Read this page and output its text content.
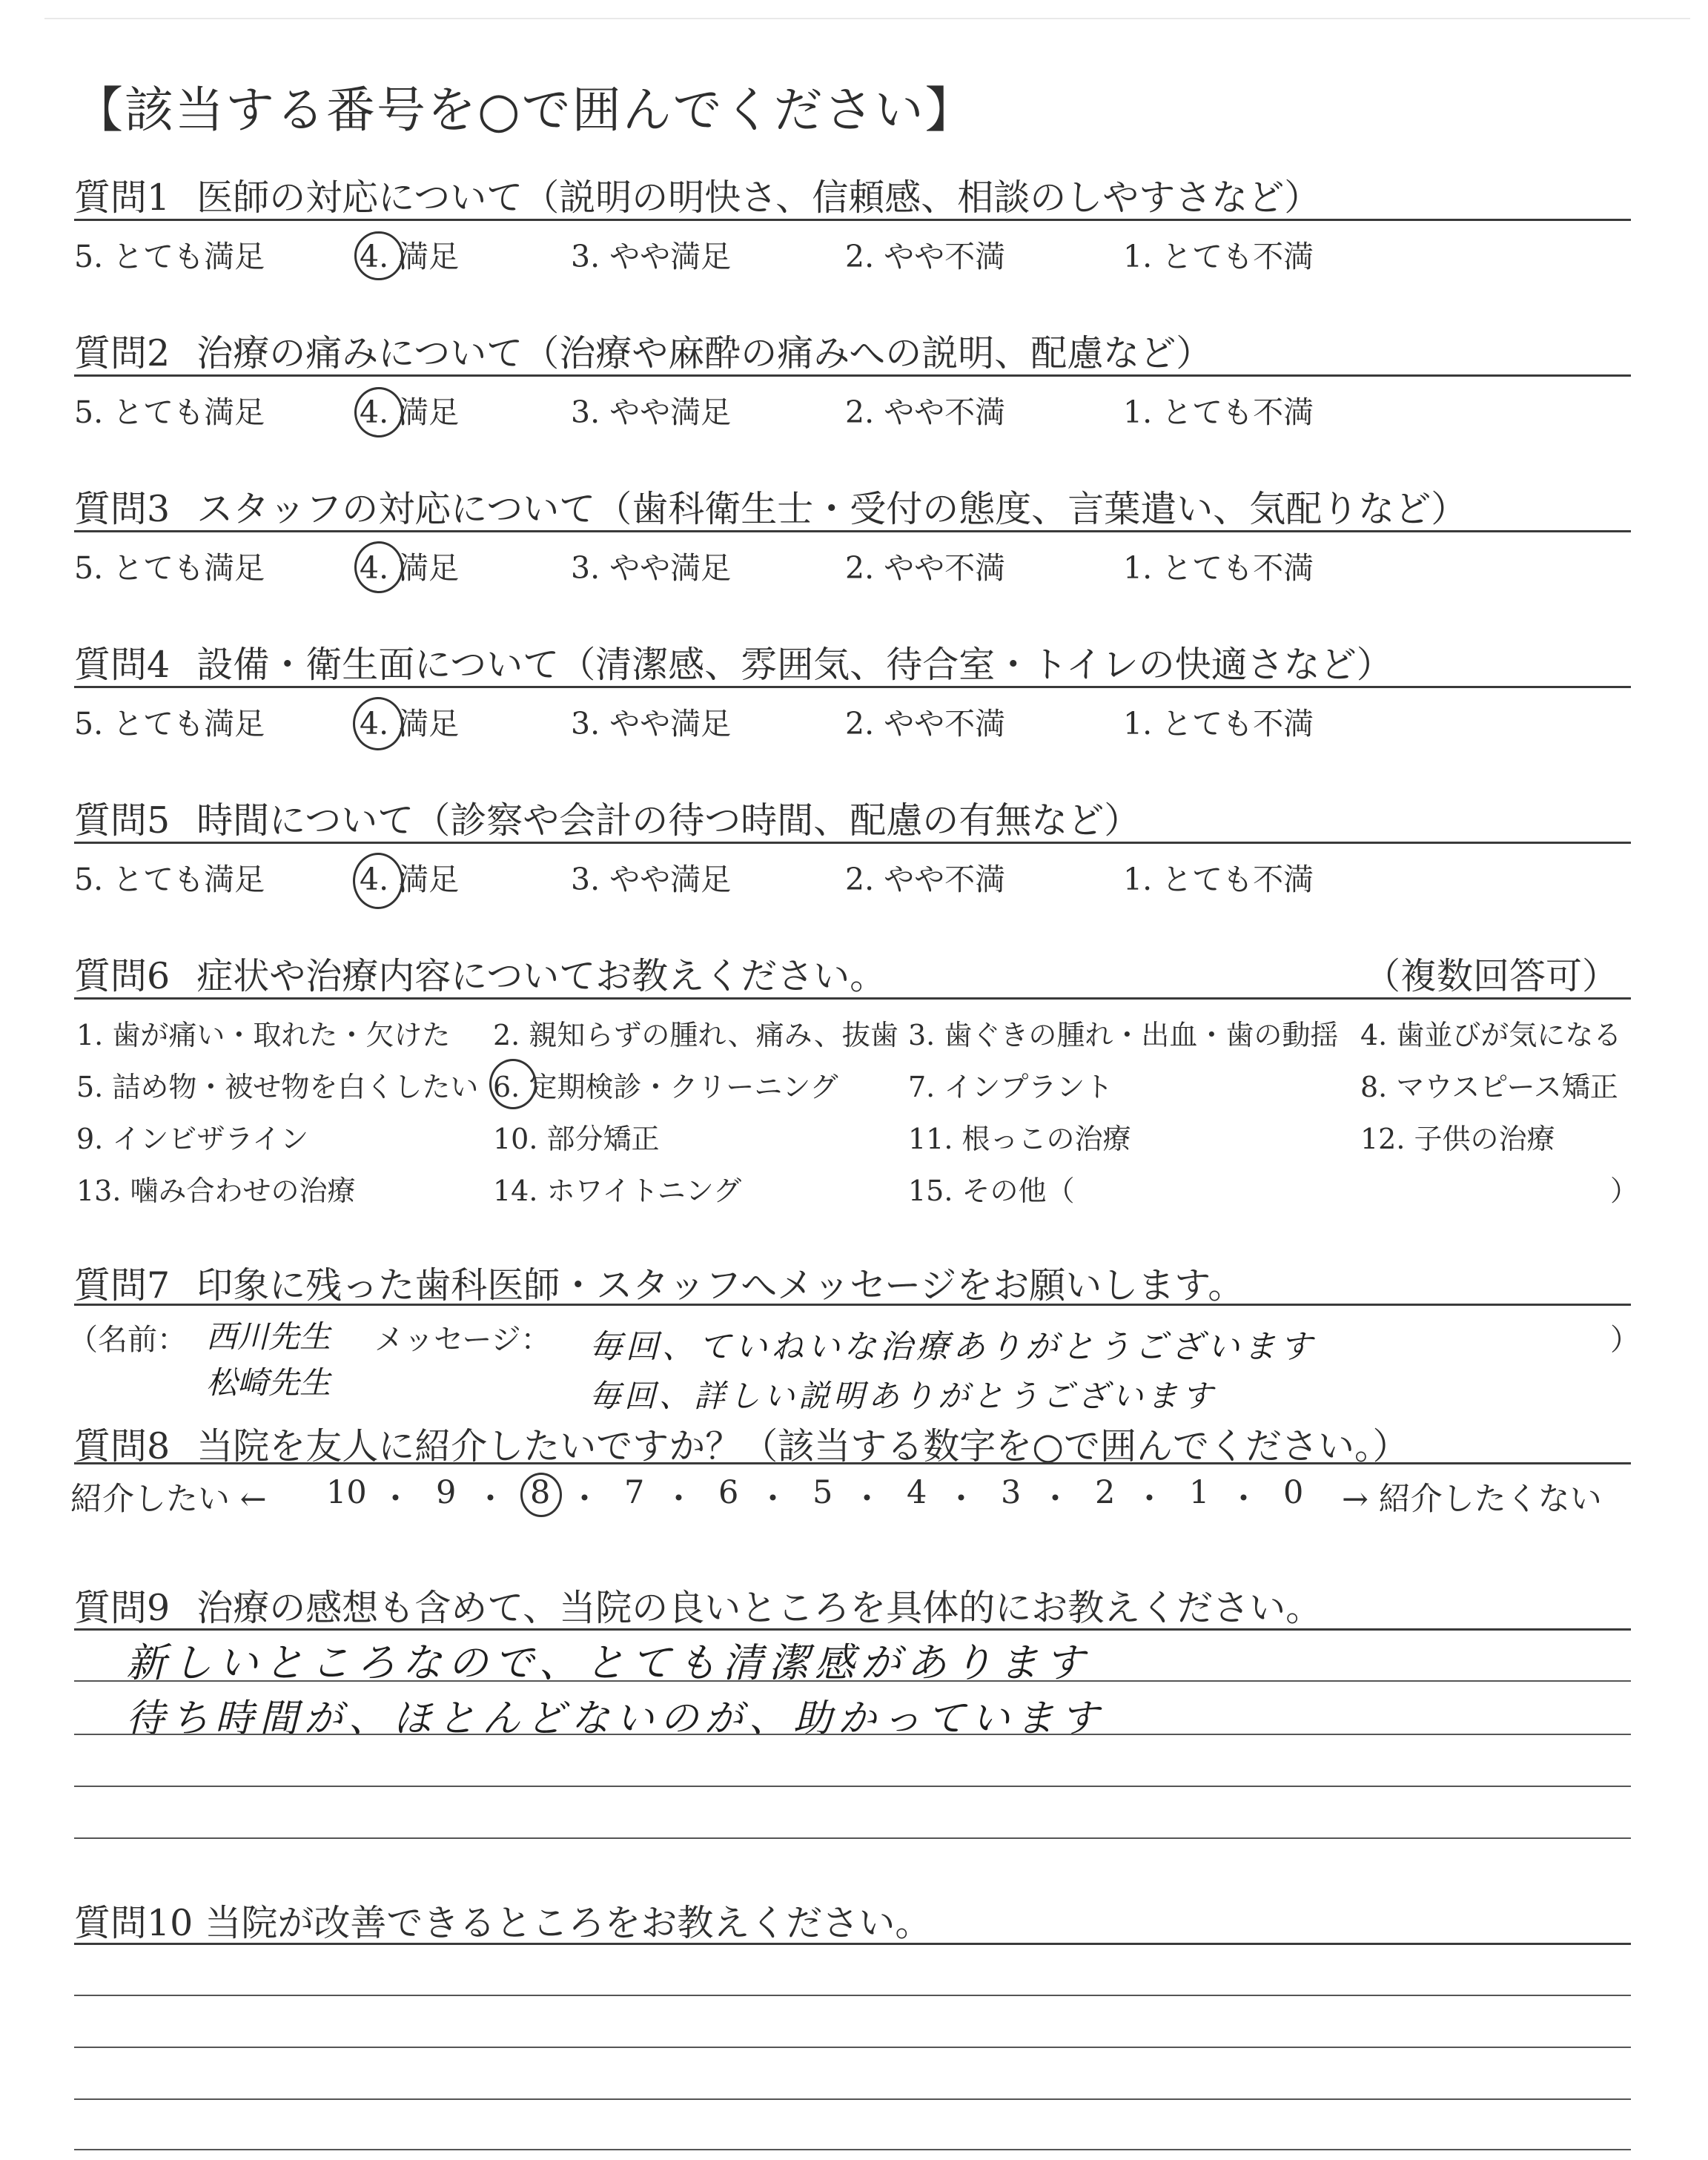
【該当する番号を○で囲んでください】
質問1 医師の対応について（説明の明快さ、信頼感、相談のしやすさなど）
5. とても満足	4. 満足	3. やや満足	2. やや不満	1. とても不満
質問2 治療の痛みについて（治療や麻酔の痛みへの説明、配慮など）
5. とても満足	4. 満足	3. やや満足	2. やや不満	1. とても不満
質問3 スタッフの対応について（歯科衛生士・受付の態度、言葉遣い、気配りなど）
5. とても満足	4. 満足	3. やや満足	2. やや不満	1. とても不満
質問4 設備・衛生面について（清潔感、雰囲気、待合室・トイレの快適さなど）
5. とても満足	4. 満足	3. やや満足	2. やや不満	1. とても不満
質問5 時間について（診察や会計の待つ時間、配慮の有無など）
5. とても満足	4. 満足	3. やや満足	2. やや不満	1. とても不満
質問6 症状や治療内容についてお教えください。	（複数回答可）
1. 歯が痛い・取れた・欠けた 2. 親知らずの腫れ、痛み、抜歯 3. 歯ぐきの腫れ・出血・歯の動揺 4. 歯並びが気になる
5. 詰め物・被せ物を白くしたい 6. 定期検診・クリーニング 7. インプラント	8. マウスピース矯正
9. インビザライン	10. 部分矯正	11. 根っこの治療	12. 子供の治療
13. 噛み合わせの治療	14. ホワイトニング	15. その他（	）
質問7 印象に残った歯科医師・スタッフへメッセージをお願いします。
（名前： 西川先生
松崎先生
メッセージ： 毎回、ていねいな治療ありがとうございます
毎回、詳しい説明ありがとうございます
）
質問8 当院を友人に紹介したいですか？（該当する数字を○で囲んでください。）
紹介したい ← 10 ・ 9 ・ 8 ・ 7 ・ 6 ・ 5 ・ 4 ・ 3 ・ 2 ・ 1 ・ 0 → 紹介したくない
質問9 治療の感想も含めて、当院の良いところを具体的にお教えください。
新しいところなので、とても清潔感があります
待ち時間が、ほとんどないのが、助かっています
質問10 当院が改善できるところをお教えください。
